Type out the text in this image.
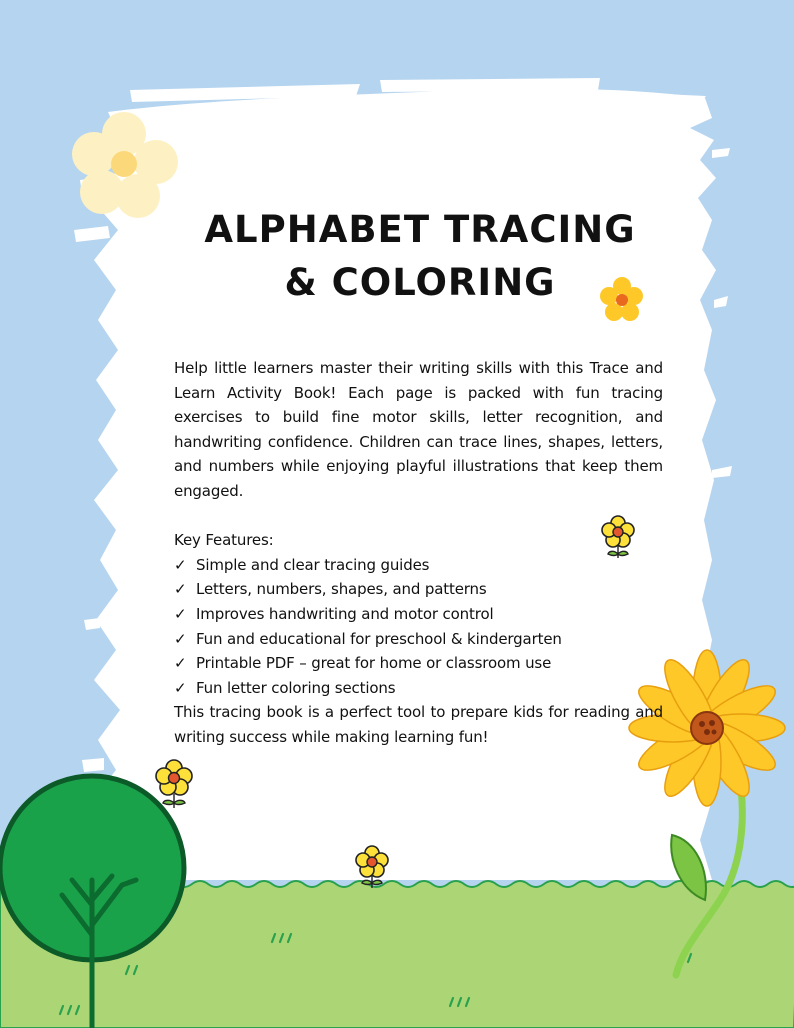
ALPHABET TRACING
& COLORING

Help little learners master their writing skills with this Trace and Learn Activity Book! Each page is packed with fun tracing exercises to build fine motor skills, letter recognition, and handwriting confidence. Children can trace lines, shapes, letters, and numbers while enjoying playful illustrations that keep them engaged.

Key Features:

✓ Simple and clear tracing guides
✓ Letters, numbers, shapes, and patterns
✓ Improves handwriting and motor control
✓ Fun and educational for preschool & kindergarten
✓ Printable PDF – great for home or classroom use
✓ Fun letter coloring sections

This tracing book is a perfect tool to prepare kids for reading and writing success while making learning fun!
